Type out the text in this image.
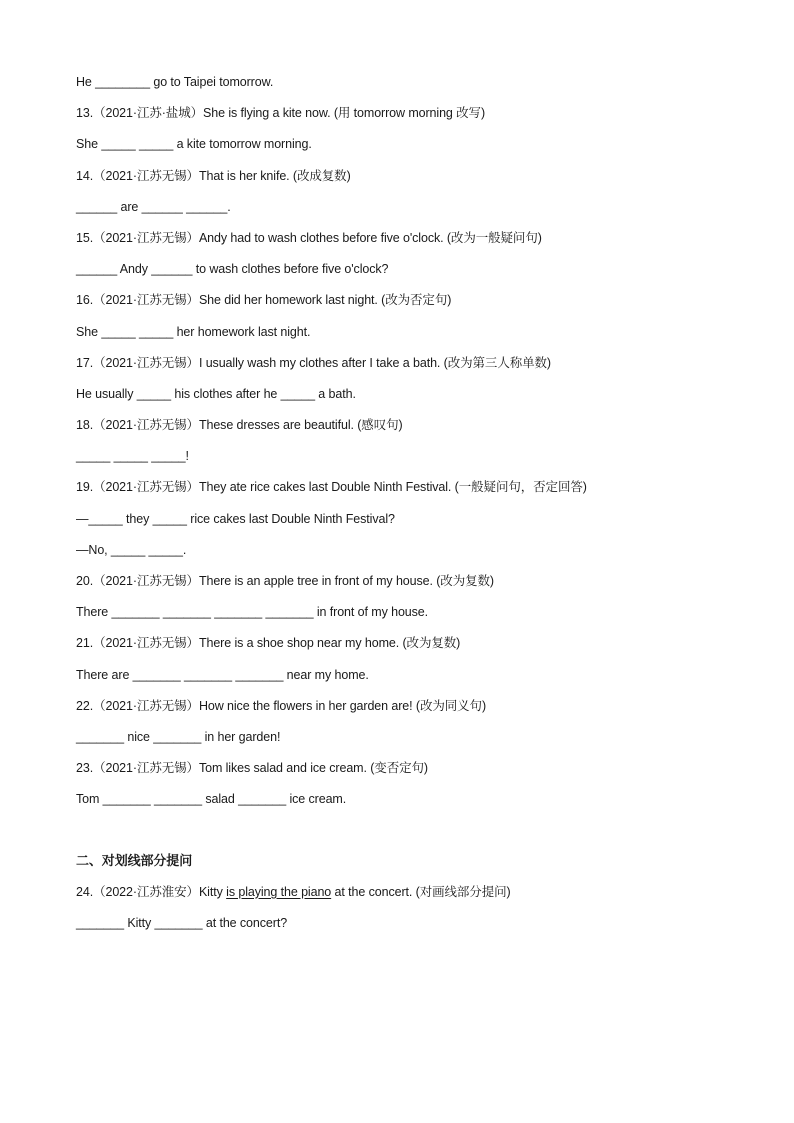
He ________ go to Taipei tomorrow.
13.（2021·江苏·盐城）She is flying a kite now. (用 tomorrow morning 改写)
She _____ _____ a kite tomorrow morning.
14.（2021·江苏无锡）That is her knife. (改成复数)
______ are ______ ______.
15.（2021·江苏无锡）Andy had to wash clothes before five o'clock. (改为一般疑问句)
______ Andy ______ to wash clothes before five o'clock?
16.（2021·江苏无锡）She did her homework last night. (改为否定句)
She _____ _____ her homework last night.
17.（2021·江苏无锡）I usually wash my clothes after I take a bath. (改为第三人称单数)
He usually _____ his clothes after he _____ a bath.
18.（2021·江苏无锡）These dresses are beautiful. (感叹句)
_____ _____ _____!
19.（2021·江苏无锡）They ate rice cakes last Double Ninth Festival. (一般疑问句，否定回答)
—_____ they _____ rice cakes last Double Ninth Festival?
—No, _____ _____.
20.（2021·江苏无锡）There is an apple tree in front of my house. (改为复数)
There _______ _______ _______ _______ in front of my house.
21.（2021·江苏无锡）There is a shoe shop near my home. (改为复数)
There are _______ _______ _______ near my home.
22.（2021·江苏无锡）How nice the flowers in her garden are! (改为同义句)
_______ nice _______ in her garden!
23.（2021·江苏无锡）Tom likes salad and ice cream. (变否定句)
Tom _______ _______ salad _______ ice cream.
二、对划线部分提问
24.（2022·江苏淮安）Kitty is playing the piano at the concert. (对画线部分提问)
_______ Kitty _______ at the concert?
